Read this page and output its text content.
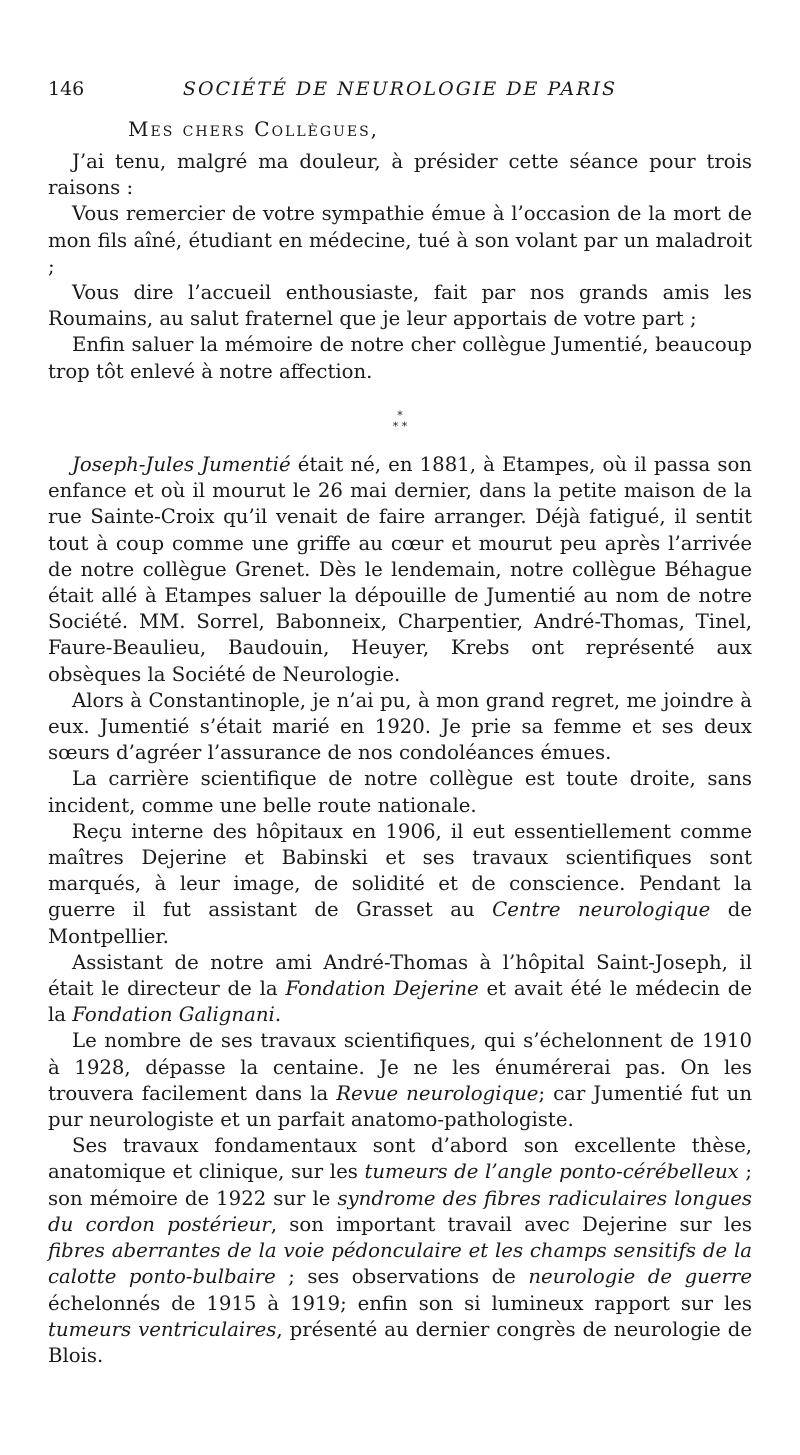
146	SOCIÉTÉ DE NEUROLOGIE DE PARIS
Mes chers Collègues,

J’ai tenu, malgré ma douleur, à présider cette séance pour trois raisons :

Vous remercier de votre sympathie émue à l’occasion de la mort de mon fils aîné, étudiant en médecine, tué à son volant par un maladroit ;

Vous dire l’accueil enthousiaste, fait par nos grands amis les Roumains, au salut fraternel que je leur apportais de votre part ;

Enfin saluer la mémoire de notre cher collègue Jumentié, beaucoup trop tôt enlevé à notre affection.

*
* *

Joseph-Jules Jumentié était né, en 1881, à Etampes, où il passa son enfance et où il mourut le 26 mai dernier, dans la petite maison de la rue Sainte-Croix qu’il venait de faire arranger. Déjà fatigué, il sentit tout à coup comme une griffe au cœur et mourut peu après l’arrivée de notre collègue Grenet. Dès le lendemain, notre collègue Béhague était allé à Etampes saluer la dépouille de Jumentié au nom de notre Société. MM. Sorrel, Babonneix, Charpentier, André-Thomas, Tinel, Faure-Beaulieu, Baudouin, Heuyer, Krebs ont représenté aux obsèques la Société de Neurologie.

Alors à Constantinople, je n’ai pu, à mon grand regret, me joindre à eux. Jumentié s’était marié en 1920. Je prie sa femme et ses deux sœurs d’agréer l’assurance de nos condoléances émues.

La carrière scientifique de notre collègue est toute droite, sans incident, comme une belle route nationale.

Reçu interne des hôpitaux en 1906, il eut essentiellement comme maîtres Dejerine et Babinski et ses travaux scientifiques sont marqués, à leur image, de solidité et de conscience. Pendant la guerre il fut assistant de Grasset au Centre neurologique de Montpellier.

Assistant de notre ami André-Thomas à l’hôpital Saint-Joseph, il était le directeur de la Fondation Dejerine et avait été le médecin de la Fondation Galignani.

Le nombre de ses travaux scientifiques, qui s’échelonnent de 1910 à 1928, dépasse la centaine. Je ne les énumérerai pas. On les trouvera facilement dans la Revue neurologique; car Jumentié fut un pur neurologiste et un parfait anatomo-pathologiste.

Ses travaux fondamentaux sont d’abord son excellente thèse, anatomique et clinique, sur les tumeurs de l’angle ponto-cérébelleux ; son mémoire de 1922 sur le syndrome des fibres radiculaires longues du cordon postérieur, son important travail avec Dejerine sur les fibres aberrantes de la voie pédonculaire et les champs sensitifs de la calotte ponto-bulbaire ; ses observations de neurologie de guerre échelonnés de 1915 à 1919; enfin son si lumineux rapport sur les tumeurs ventriculaires, présenté au dernier congrès de neurologie de Blois.
